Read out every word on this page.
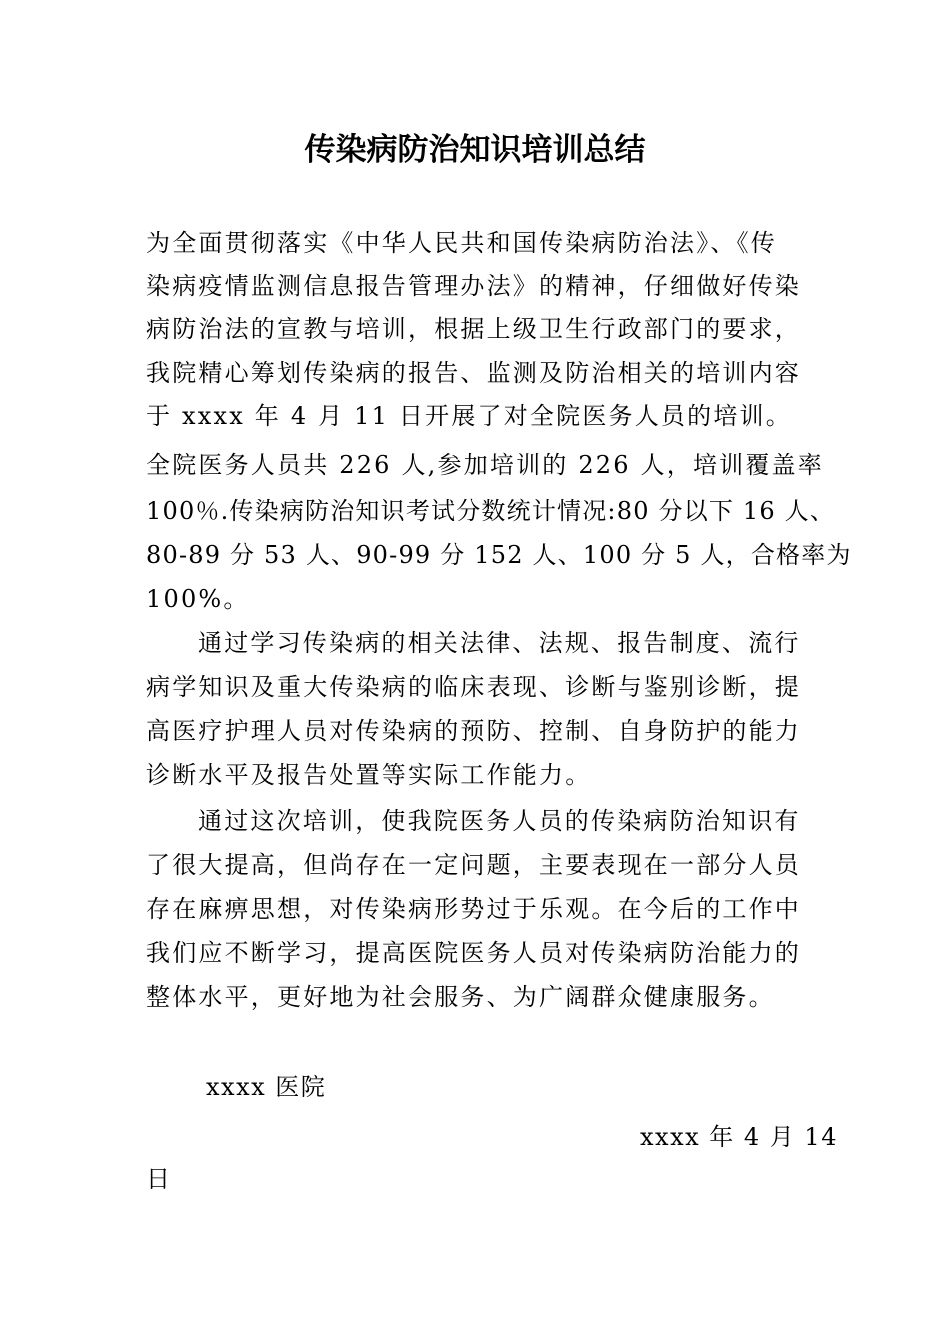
传染病防治知识培训总结
为全面贯彻落实《中华人民共和国传染病防治法》、《传
染病疫情监测信息报告管理办法》的精神，仔细做好传染
病防治法的宣教与培训，根据上级卫生行政部门的要求，
我院精心筹划传染病的报告、监测及防治相关的培训内容
于 xxxx 年 4 月 11 日开展了对全院医务人员的培训。
全院医务人员共 226 人,参加培训的 226 人，培训覆盖率
100％.传染病防治知识考试分数统计情况:80 分以下 16 人、
80-89 分 53 人、90-99 分 152 人、100 分 5 人，合格率为
100%。
通过学习传染病的相关法律、法规、报告制度、流行
病学知识及重大传染病的临床表现、诊断与鉴别诊断，提
高医疗护理人员对传染病的预防、控制、自身防护的能力
诊断水平及报告处置等实际工作能力。
通过这次培训，使我院医务人员的传染病防治知识有
了很大提高，但尚存在一定问题，主要表现在一部分人员
存在麻痹思想，对传染病形势过于乐观。在今后的工作中
我们应不断学习，提高医院医务人员对传染病防治能力的
整体水平，更好地为社会服务、为广阔群众健康服务。
xxxx 医院
xxxx 年 4 月 14
日
